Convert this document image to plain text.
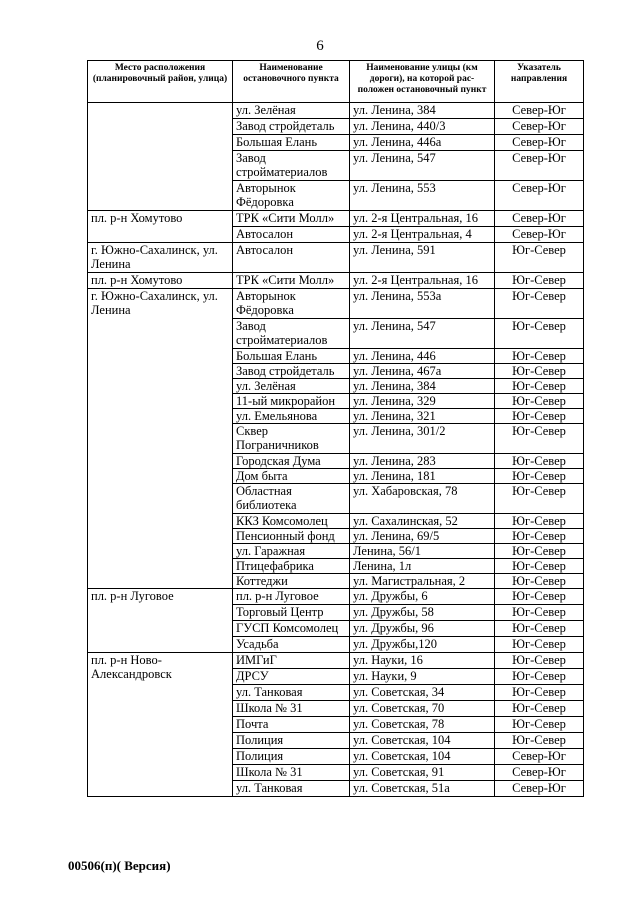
6
Место расположения (планировочный район, улица)	Наименование остановочного пункта	Наименование улицы (км дороги), на которой рас-положен остановочный пункт	Указатель направления
	ул. Зелёная	ул. Ленина, 384	Север-Юг
	Завод стройдеталь	ул. Ленина, 440/3	Север-Юг
	Большая Елань	ул. Ленина, 446а	Север-Юг
	Завод стройматериалов	ул. Ленина, 547	Север-Юг
	Авторынок Фёдоровка	ул. Ленина, 553	Север-Юг
пл. р-н Хомутово	ТРК «Сити Молл»	ул. 2-я Центральная, 16	Север-Юг
	Автосалон	ул. 2-я Центральная, 4	Север-Юг
г. Южно-Сахалинск, ул. Ленина	Автосалон	ул. Ленина, 591	Юг-Север
пл. р-н Хомутово	ТРК «Сити Молл»	ул. 2-я Центральная, 16	Юг-Север
г. Южно-Сахалинск, ул. Ленина	Авторынок Фёдоровка	ул. Ленина, 553а	Юг-Север
	Завод стройматериалов	ул. Ленина, 547	Юг-Север
	Большая Елань	ул. Ленина, 446	Юг-Север
	Завод стройдеталь	ул. Ленина, 467а	Юг-Север
	ул. Зелёная	ул. Ленина, 384	Юг-Север
	11-ый микрорайон	ул. Ленина, 329	Юг-Север
	ул. Емельянова	ул. Ленина, 321	Юг-Север
	Сквер Пограничников	ул. Ленина, 301/2	Юг-Север
	Городская Дума	ул. Ленина, 283	Юг-Север
	Дом быта	ул. Ленина, 181	Юг-Север
	Областная библиотека	ул. Хабаровская, 78	Юг-Север
	ККЗ Комсомолец	ул. Сахалинская, 52	Юг-Север
	Пенсионный фонд	ул. Ленина, 69/5	Юг-Север
	ул. Гаражная	Ленина, 56/1	Юг-Север
	Птицефабрика	Ленина, 1л	Юг-Север
	Коттеджи	ул. Магистральная, 2	Юг-Север
пл. р-н Луговое	пл. р-н Луговое	ул. Дружбы, 6	Юг-Север
	Торговый Центр	ул. Дружбы, 58	Юг-Север
	ГУСП Комсомолец	ул. Дружбы, 96	Юг-Север
	Усадьба	ул. Дружбы,120	Юг-Север
пл. р-н Ново-Александровск	ИМГиГ	ул. Науки, 16	Юг-Север
	ДРСУ	ул. Науки, 9	Юг-Север
	ул. Танковая	ул. Советская, 34	Юг-Север
	Школа № 31	ул. Советская, 70	Юг-Север
	Почта	ул. Советская, 78	Юг-Север
	Полиция	ул. Советская, 104	Юг-Север
	Полиция	ул. Советская, 104	Север-Юг
	Школа № 31	ул. Советская, 91	Север-Юг
	ул. Танковая	ул. Советская, 51а	Север-Юг
00506(п)( Версия)
